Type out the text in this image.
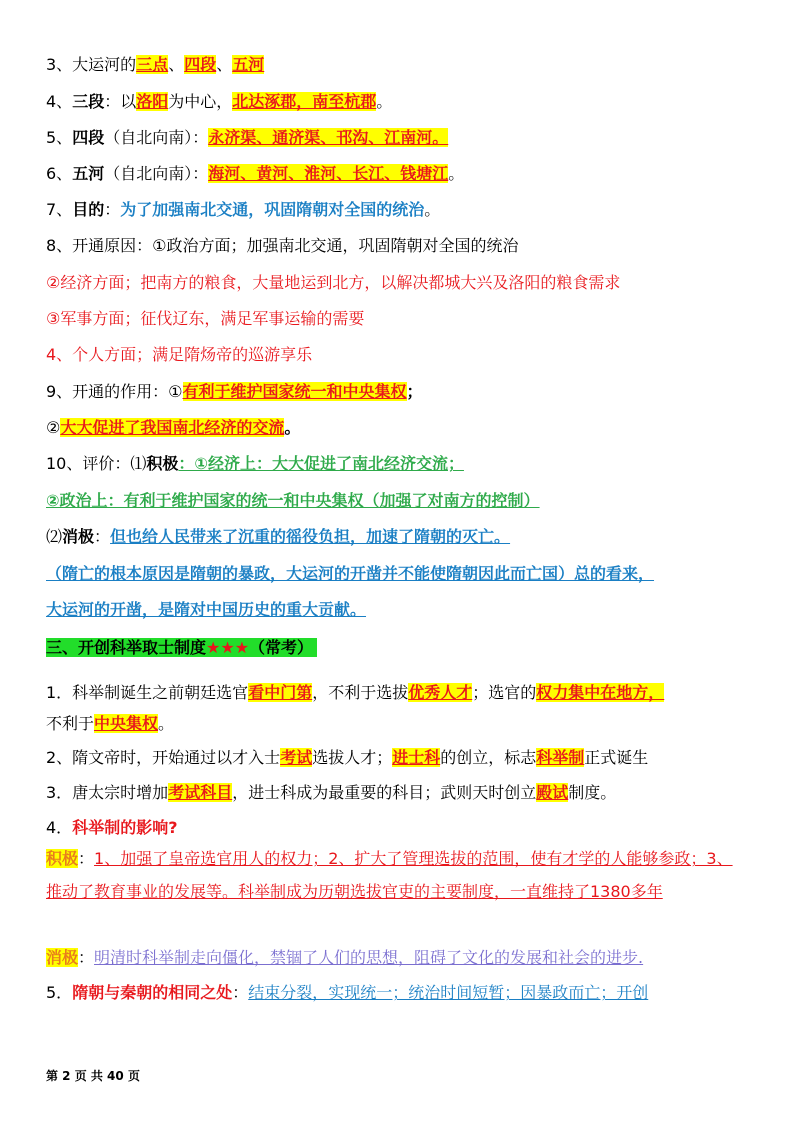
3、大运河的三点、四段、五河
4、三段：以洛阳为中心，北达涿郡，南至杭郡。
5、四段（自北向南）：永济渠、通济渠、邗沟、江南河。
6、五河（自北向南）：海河、黄河、淮河、长江、钱塘江。
7、目的：为了加强南北交通，巩固隋朝对全国的统治。
8、开通原因：①政治方面；加强南北交通，巩固隋朝对全国的统治
②经济方面；把南方的粮食，大量地运到北方，以解决都城大兴及洛阳的粮食需求
③军事方面；征伐辽东，满足军事运输的需要
4、个人方面；满足隋炀帝的巡游享乐
9、开通的作用：①有利于维护国家统一和中央集权；
②大大促进了我国南北经济的交流。
10、评价：⑴积极：①经济上：大大促进了南北经济交流；
②政治上：有利于维护国家的统一和中央集权（加强了对南方的控制）
⑵消极：但也给人民带来了沉重的徭役负担，加速了隋朝的灭亡。
（隋亡的根本原因是隋朝的暴政，大运河的开凿并不能使隋朝因此而亡国）总的看来，
大运河的开凿，是隋对中国历史的重大贡献。
三、开创科举取士制度★★★（常考）
1．科举制诞生之前朝廷选官看中门第，不利于选拔优秀人才；选官的权力集中在地方，
不利于中央集权。
2、隋文帝时，开始通过以才入士考试选拔人才；进士科的创立，标志科举制正式诞生
3．唐太宗时增加考试科目，进士科成为最重要的科目；武则天时创立殿试制度。
4．科举制的影响?
积极：1、加强了皇帝选官用人的权力；2、扩大了管理选拔的范围，使有才学的人能够参政；3、推动了教育事业的发展等。科举制成为历朝选拔官吏的主要制度，一直维持了1380多年
消极：明清时科举制走向僵化，禁锢了人们的思想，阻碍了文化的发展和社会的进步.
5．隋朝与秦朝的相同之处：结束分裂，实现统一；统治时间短暂；因暴政而亡；开创
第 2 页 共 40 页
